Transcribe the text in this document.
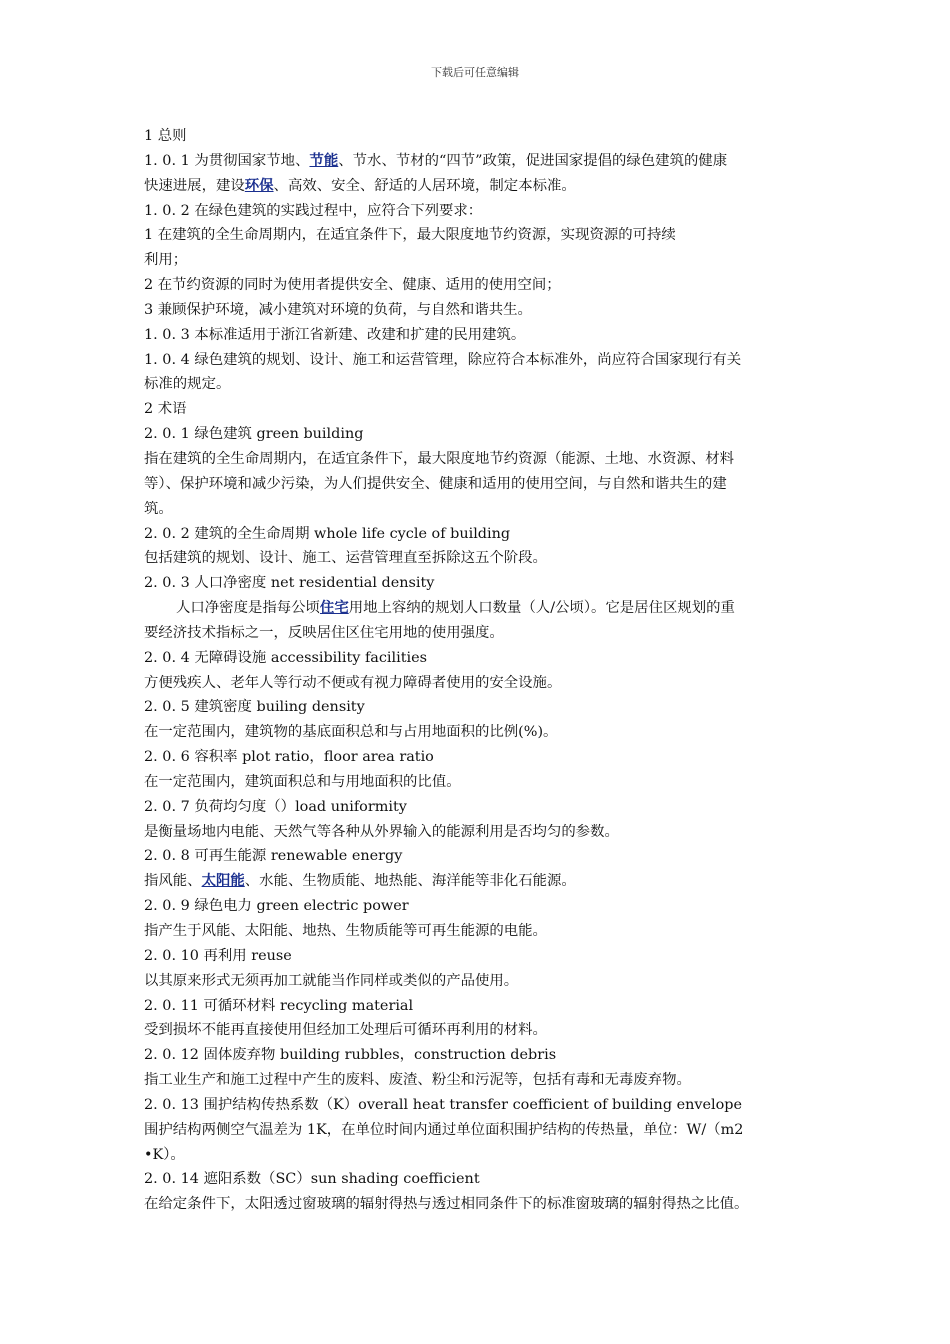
下载后可任意编辑
1 总则
1. 0. 1 为贯彻国家节地、节能、节水、节材的“四节”政策，促进国家提倡的绿色建筑的健康
快速进展，建设环保、高效、安全、舒适的人居环境，制定本标准。
1. 0. 2 在绿色建筑的实践过程中，应符合下列要求：
1 在建筑的全生命周期内，在适宜条件下，最大限度地节约资源，实现资源的可持续
利用；
2 在节约资源的同时为使用者提供安全、健康、适用的使用空间；
3 兼顾保护环境，减小建筑对环境的负荷，与自然和谐共生。
1. 0. 3 本标准适用于浙江省新建、改建和扩建的民用建筑。
1. 0. 4 绿色建筑的规划、设计、施工和运营管理，除应符合本标准外，尚应符合国家现行有关
标准的规定。
2 术语
2. 0. 1 绿色建筑 green building
指在建筑的全生命周期内，在适宜条件下，最大限度地节约资源（能源、土地、水资源、材料
等）、保护环境和减少污染，为人们提供安全、健康和适用的使用空间，与自然和谐共生的建
筑。
2. 0. 2 建筑的全生命周期 whole life cycle of building
包括建筑的规划、设计、施工、运营管理直至拆除这五个阶段。
2. 0. 3 人口净密度 net residential density
人口净密度是指每公顷住宅用地上容纳的规划人口数量（人/公顷）。它是居住区规划的重
要经济技术指标之一，反映居住区住宅用地的使用强度。
2. 0. 4 无障碍设施 accessibility facilities
方便残疾人、老年人等行动不便或有视力障碍者使用的安全设施。
2. 0. 5 建筑密度 builing density
在一定范围内，建筑物的基底面积总和与占用地面积的比例(%)。
2. 0. 6 容积率 plot ratio，floor area ratio
在一定范围内，建筑面积总和与用地面积的比值。
2. 0. 7 负荷均匀度（）load uniformity
是衡量场地内电能、天然气等各种从外界输入的能源利用是否均匀的参数。
2. 0. 8 可再生能源 renewable energy
指风能、太阳能、水能、生物质能、地热能、海洋能等非化石能源。
2. 0. 9 绿色电力 green electric power
指产生于风能、太阳能、地热、生物质能等可再生能源的电能。
2. 0. 10 再利用 reuse
以其原来形式无须再加工就能当作同样或类似的产品使用。
2. 0. 11 可循环材料 recycling material
受到损坏不能再直接使用但经加工处理后可循环再利用的材料。
2. 0. 12 固体废弃物 building rubbles，construction debris
指工业生产和施工过程中产生的废料、废渣、粉尘和污泥等，包括有毒和无毒废弃物。
2. 0. 13 围护结构传热系数（K）overall heat transfer coefficient of building envelope
围护结构两侧空气温差为 1K，在单位时间内通过单位面积围护结构的传热量，单位：W/（m2
•K）。
2. 0. 14 遮阳系数（SC）sun shading coefficient
在给定条件下，太阳透过窗玻璃的辐射得热与透过相同条件下的标准窗玻璃的辐射得热之比值。
